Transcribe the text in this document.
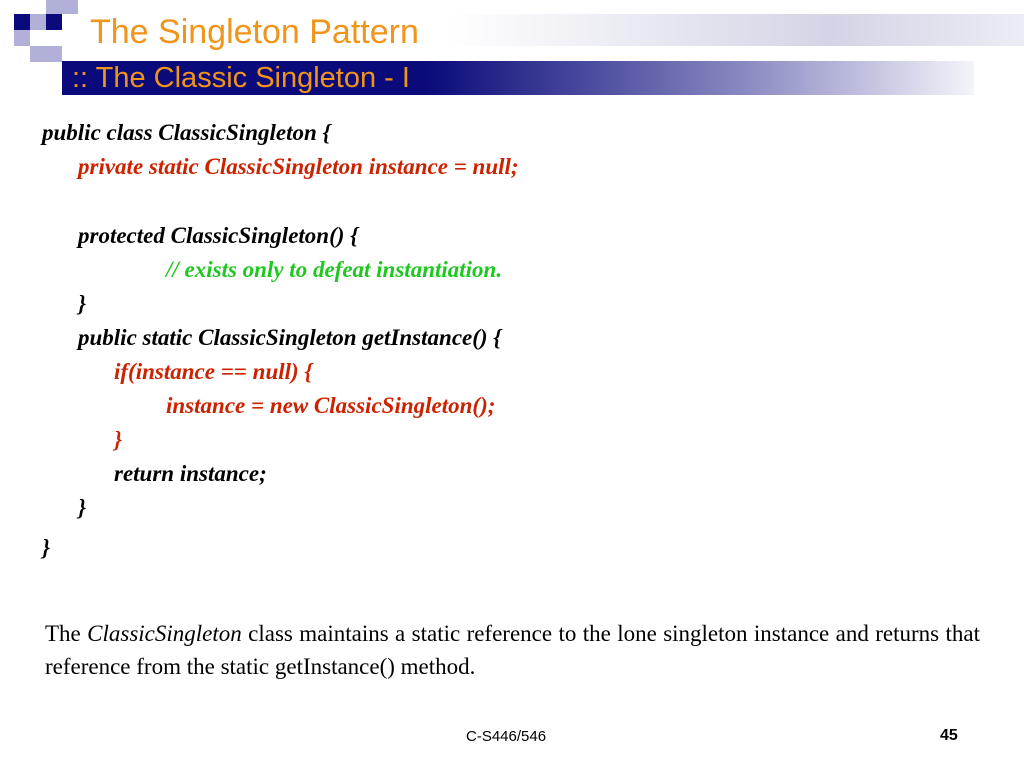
The Singleton Pattern
:: The Classic Singleton - I
public class ClassicSingleton {
private static ClassicSingleton instance = null;
protected ClassicSingleton() {
// exists only to defeat instantiation.
}
public static ClassicSingleton getInstance() {
if(instance == null) {
instance = new ClassicSingleton();
}
return instance;
}
}
The ClassicSingleton class maintains a static reference to the lone singleton instance and returns that reference from the static getInstance() method.
C-S446/546	45
